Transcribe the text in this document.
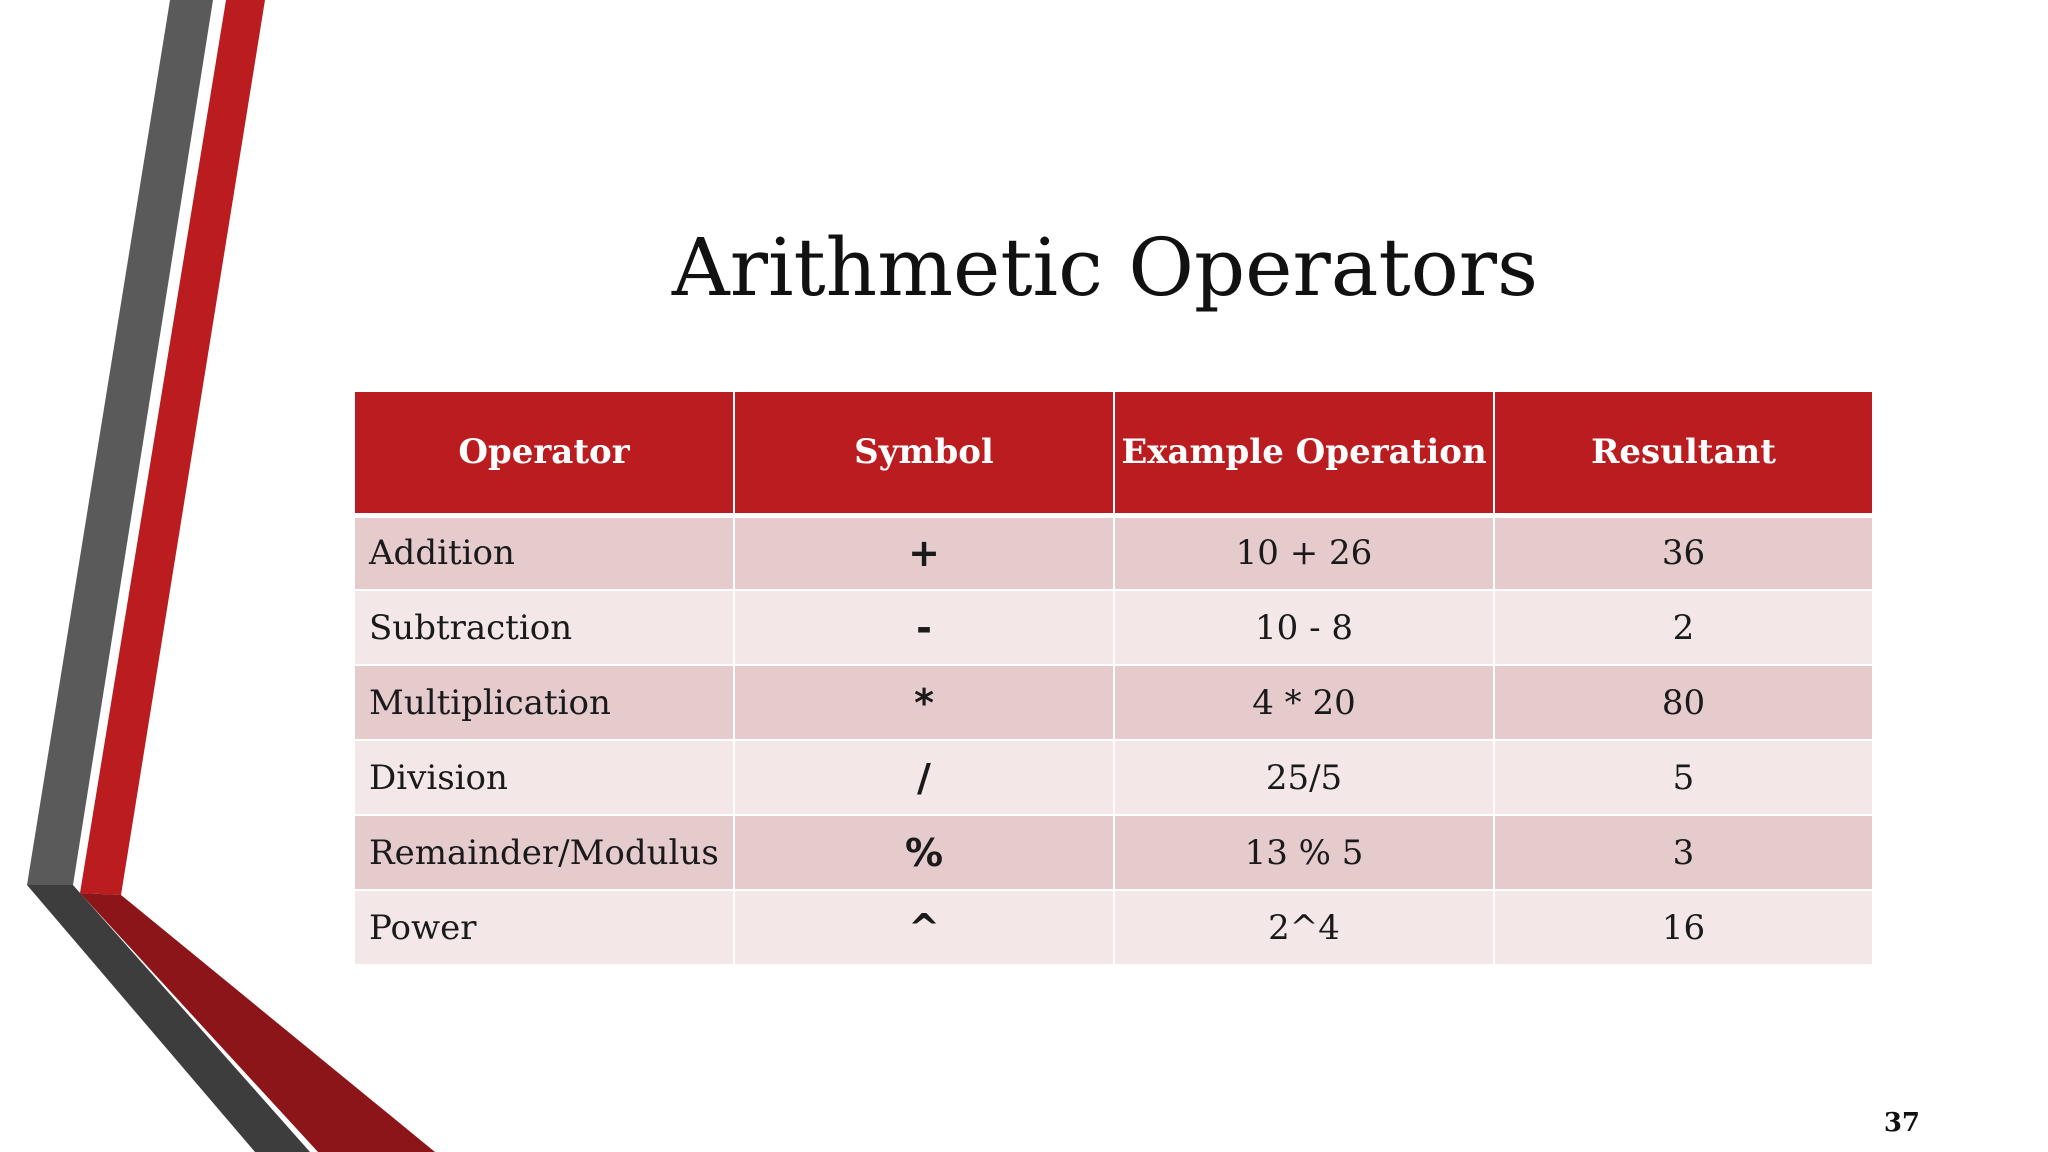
Arithmetic Operators
Operator	Symbol	Example Operation	Resultant
Addition	+	10 + 26	36
Subtraction	-	10 - 8	2
Multiplication	*	4 * 20	80
Division	/	25/5	5
Remainder/Modulus	%	13 % 5	3
Power	^	2^4	16
37
